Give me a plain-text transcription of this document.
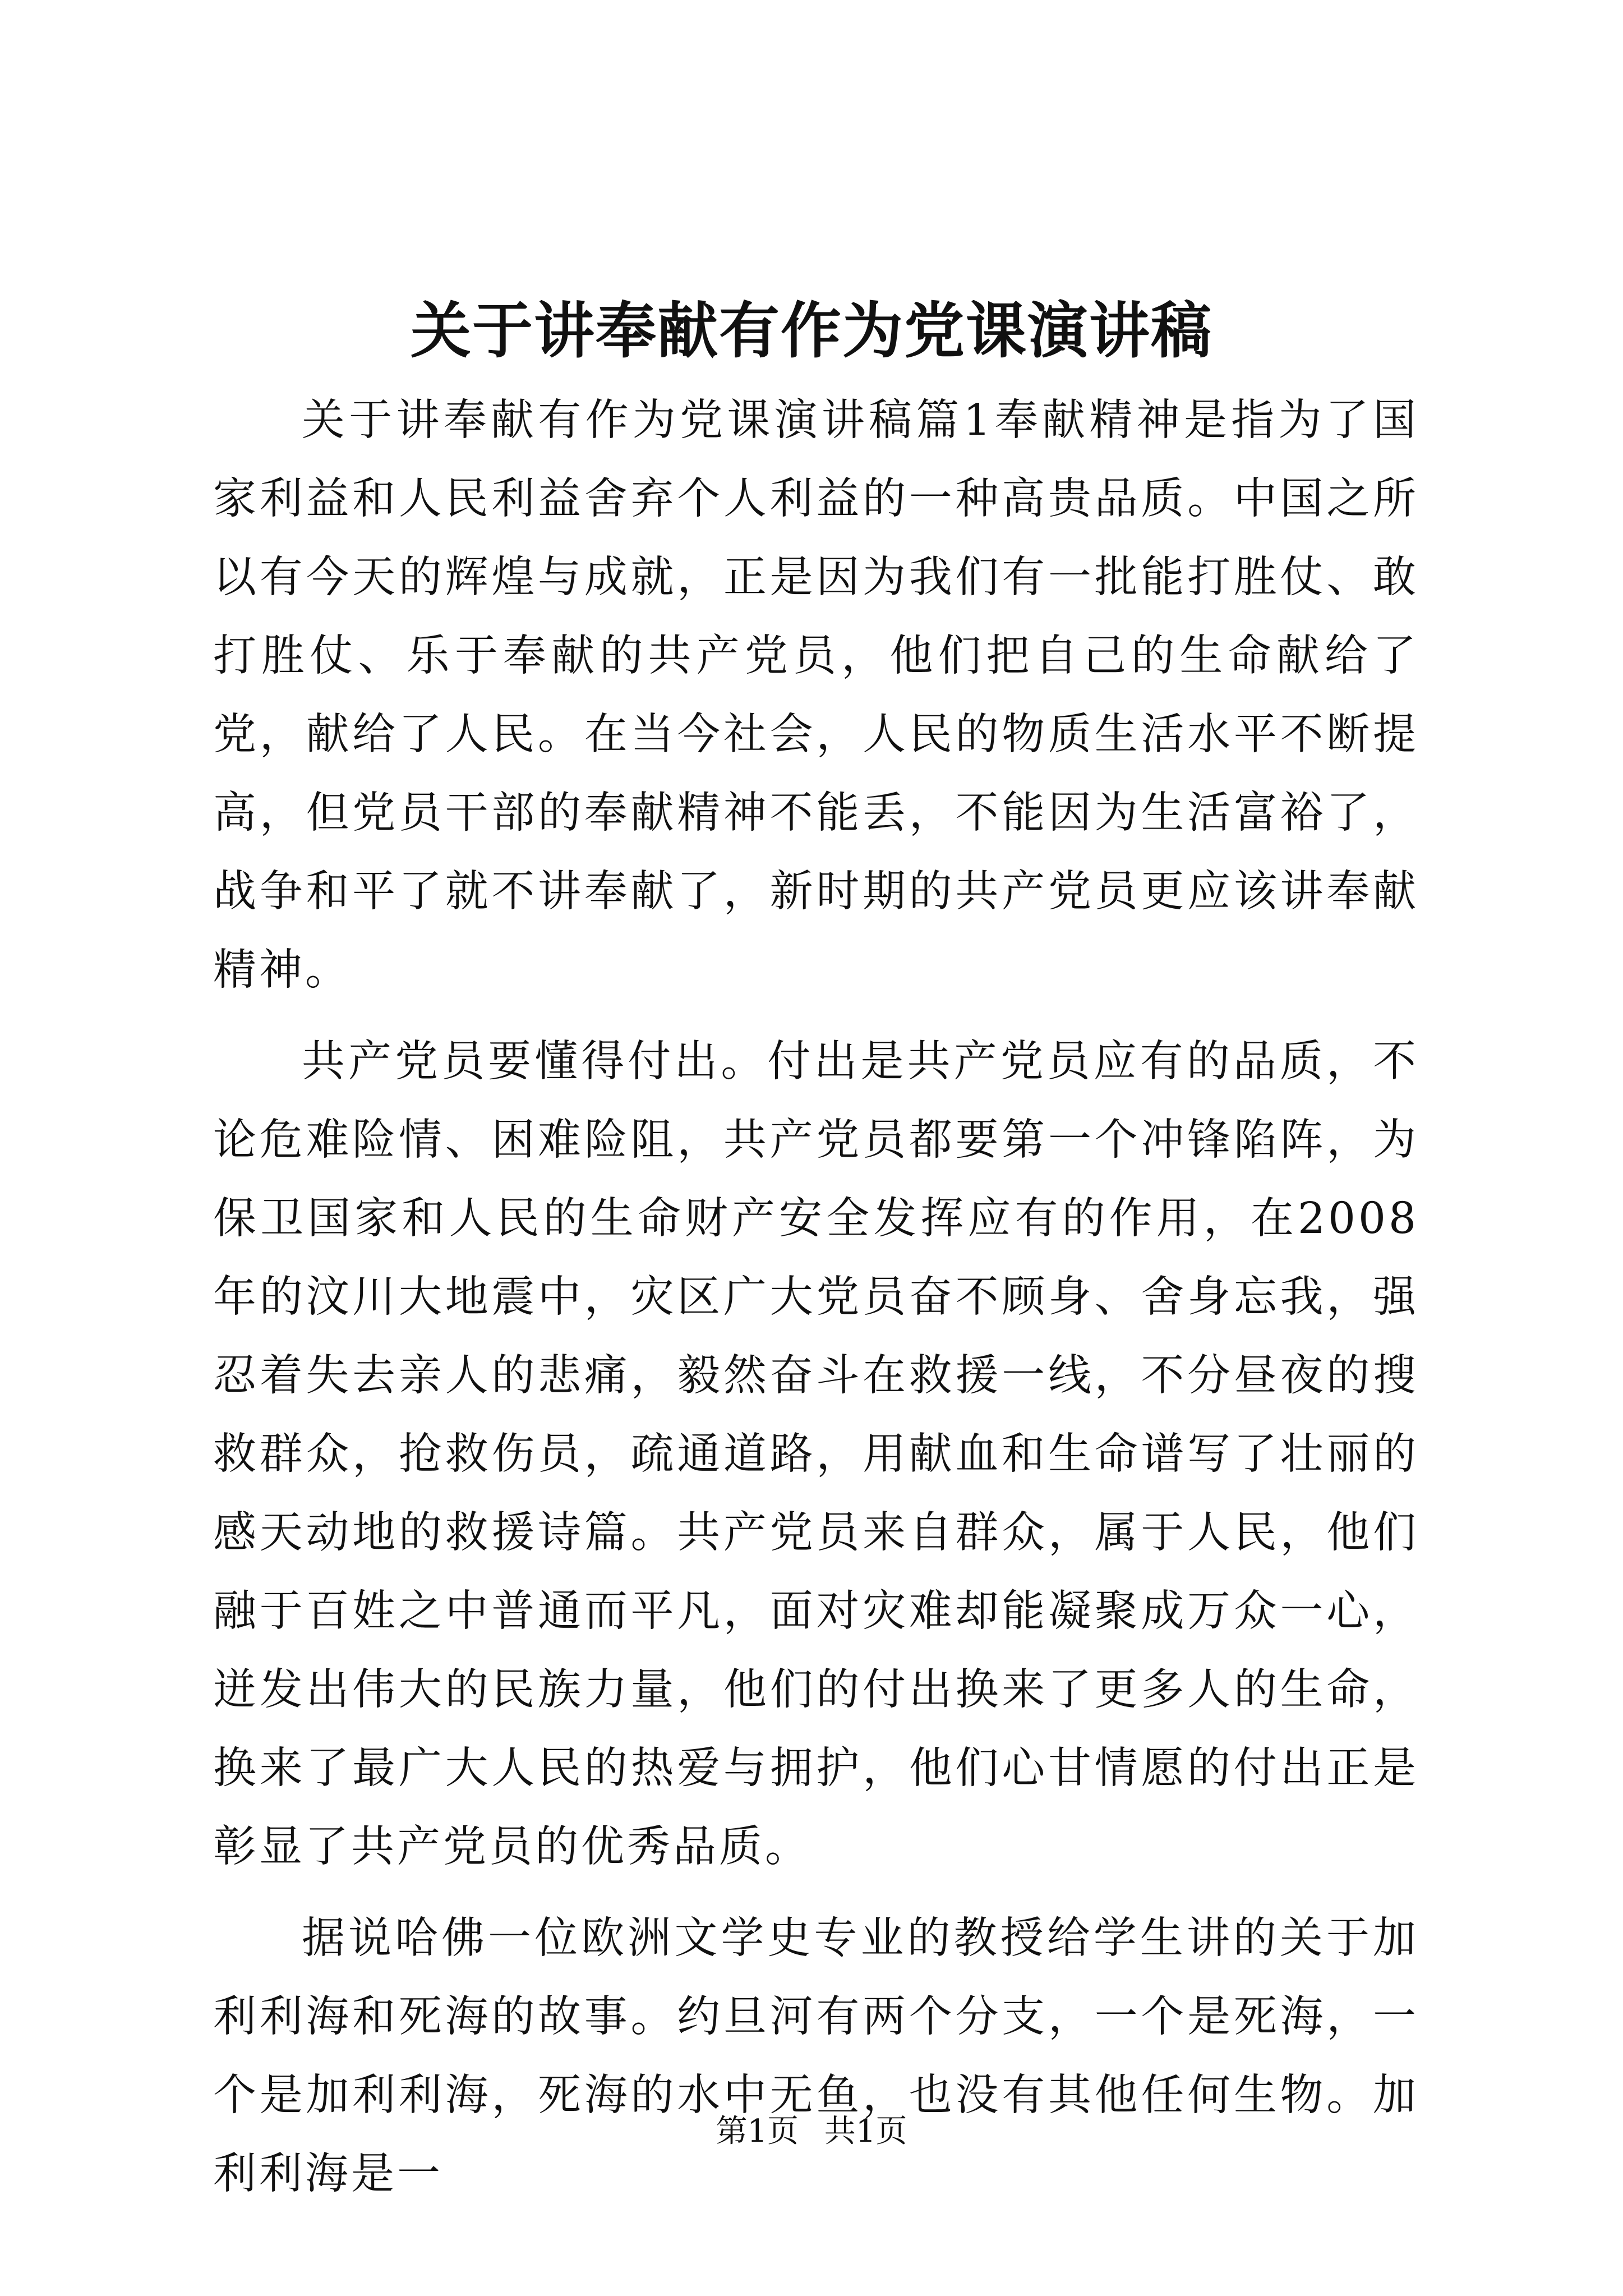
关于讲奉献有作为党课演讲稿

关于讲奉献有作为党课演讲稿篇1奉献精神是指为了国家利益和人民利益舍弃个人利益的一种高贵品质。中国之所以有今天的辉煌与成就，正是因为我们有一批能打胜仗、敢打胜仗、乐于奉献的共产党员，他们把自己的生命献给了党，献给了人民。在当今社会，人民的物质生活水平不断提高，但党员干部的奉献精神不能丢，不能因为生活富裕了，战争和平了就不讲奉献了，新时期的共产党员更应该讲奉献精神。

共产党员要懂得付出。付出是共产党员应有的品质，不论危难险情、困难险阻，共产党员都要第一个冲锋陷阵，为保卫国家和人民的生命财产安全发挥应有的作用，在2008年的汶川大地震中，灾区广大党员奋不顾身、舍身忘我，强忍着失去亲人的悲痛，毅然奋斗在救援一线，不分昼夜的搜救群众，抢救伤员，疏通道路，用献血和生命谱写了壮丽的感天动地的救援诗篇。共产党员来自群众，属于人民，他们融于百姓之中普通而平凡，面对灾难却能凝聚成万众一心，迸发出伟大的民族力量，他们的付出换来了更多人的生命，换来了最广大人民的热爱与拥护，他们心甘情愿的付出正是彰显了共产党员的优秀品质。

据说哈佛一位欧洲文学史专业的教授给学生讲的关于加利利海和死海的故事。约旦河有两个分支，一个是死海，一个是加利利海，死海的水中无鱼，也没有其他任何生物。加利利海是一

第1页 共1页
